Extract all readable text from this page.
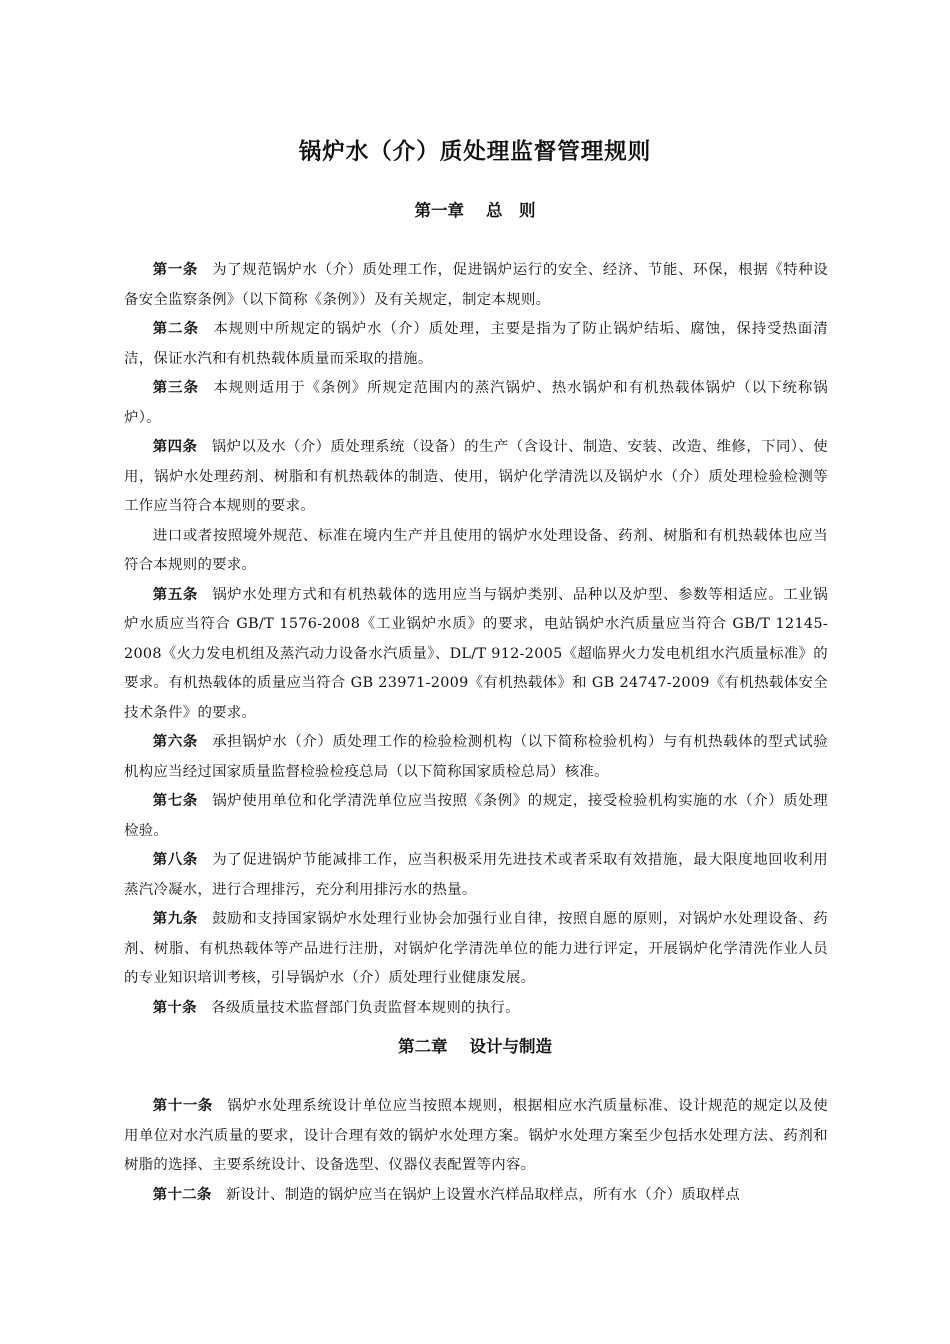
锅炉水（介）质处理监督管理规则
第一章 总　则

第一条 为了规范锅炉水（介）质处理工作，促进锅炉运行的安全、经济、节能、环保，根据《特种设备安全监察条例》（以下简称《条例》）及有关规定，制定本规则。

第二条 本规则中所规定的锅炉水（介）质处理，主要是指为了防止锅炉结垢、腐蚀，保持受热面清洁，保证水汽和有机热载体质量而采取的措施。

第三条 本规则适用于《条例》所规定范围内的蒸汽锅炉、热水锅炉和有机热载体锅炉（以下统称锅炉）。

第四条 锅炉以及水（介）质处理系统（设备）的生产（含设计、制造、安装、改造、维修，下同）、使用，锅炉水处理药剂、树脂和有机热载体的制造、使用，锅炉化学清洗以及锅炉水（介）质处理检验检测等工作应当符合本规则的要求。

进口或者按照境外规范、标准在境内生产并且使用的锅炉水处理设备、药剂、树脂和有机热载体也应当符合本规则的要求。

第五条 锅炉水处理方式和有机热载体的选用应当与锅炉类别、品种以及炉型、参数等相适应。工业锅炉水质应当符合 GB/T 1576-2008《工业锅炉水质》的要求，电站锅炉水汽质量应当符合 GB/T 12145-2008《火力发电机组及蒸汽动力设备水汽质量》、DL/T 912-2005《超临界火力发电机组水汽质量标准》的要求。有机热载体的质量应当符合 GB 23971-2009《有机热载体》和 GB 24747-2009《有机热载体安全技术条件》的要求。

第六条 承担锅炉水（介）质处理工作的检验检测机构（以下简称检验机构）与有机热载体的型式试验机构应当经过国家质量监督检验检疫总局（以下简称国家质检总局）核准。

第七条 锅炉使用单位和化学清洗单位应当按照《条例》的规定，接受检验机构实施的水（介）质处理检验。

第八条 为了促进锅炉节能减排工作，应当积极采用先进技术或者采取有效措施，最大限度地回收利用蒸汽冷凝水，进行合理排污，充分利用排污水的热量。

第九条 鼓励和支持国家锅炉水处理行业协会加强行业自律，按照自愿的原则，对锅炉水处理设备、药剂、树脂、有机热载体等产品进行注册，对锅炉化学清洗单位的能力进行评定，开展锅炉化学清洗作业人员的专业知识培训考核，引导锅炉水（介）质处理行业健康发展。

第十条 各级质量技术监督部门负责监督本规则的执行。

第二章 设计与制造

第十一条 锅炉水处理系统设计单位应当按照本规则，根据相应水汽质量标准、设计规范的规定以及使用单位对水汽质量的要求，设计合理有效的锅炉水处理方案。锅炉水处理方案至少包括水处理方法、药剂和树脂的选择、主要系统设计、设备选型、仪器仪表配置等内容。

第十二条 新设计、制造的锅炉应当在锅炉上设置水汽样品取样点，所有水（介）质取样点
